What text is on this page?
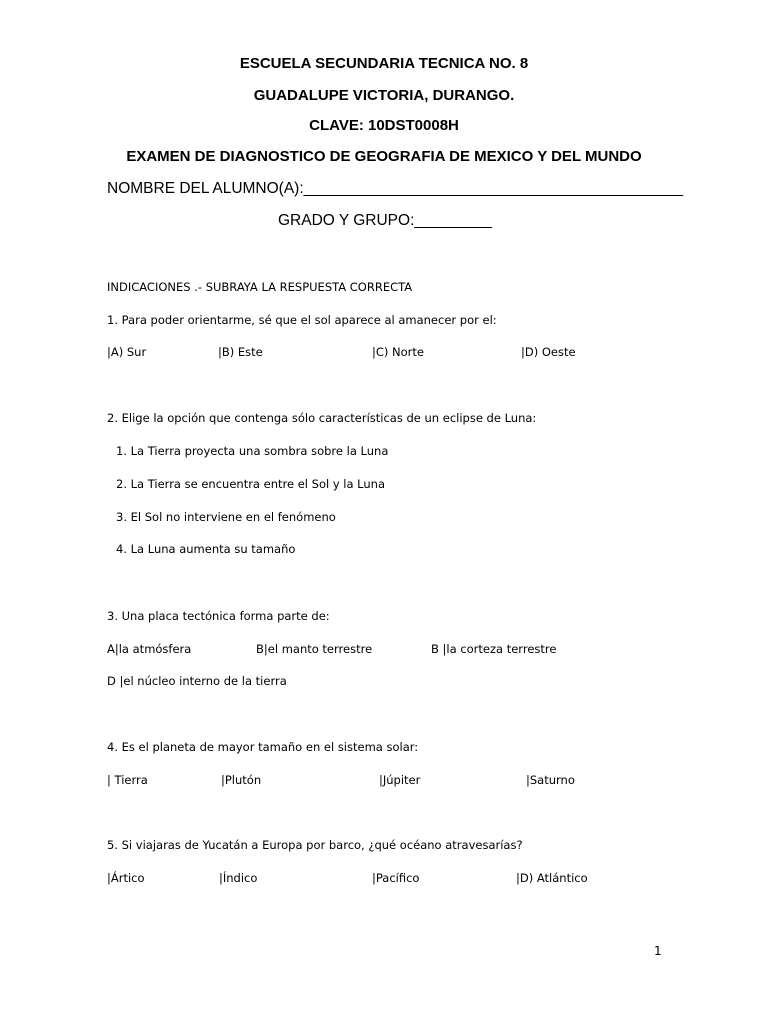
ESCUELA SECUNDARIA TECNICA NO. 8
GUADALUPE VICTORIA, DURANGO.
CLAVE: 10DST0008H
EXAMEN DE DIAGNOSTICO DE GEOGRAFIA DE MEXICO Y DEL MUNDO
NOMBRE DEL ALUMNO(A):____________________________________________
GRADO Y GRUPO:_________
INDICACIONES .- SUBRAYA LA RESPUESTA CORRECTA
1. Para poder orientarme, sé que el sol aparece al amanecer por el:
|A) Sur	|B) Este	|C) Norte	|D) Oeste
2. Elige la opción que contenga sólo características de un eclipse de Luna:
1. La Tierra proyecta una sombra sobre la Luna
2. La Tierra se encuentra entre el Sol y la Luna
3. El Sol no interviene en el fenómeno
4. La Luna aumenta su tamaño
3. Una placa tectónica forma parte de:
A|la atmósfera	B|el manto terrestre	B |la corteza terrestre
D |el núcleo interno de la tierra
4. Es el planeta de mayor tamaño en el sistema solar:
| Tierra	|Plutón	|Júpiter	|Saturno
5. Si viajaras de Yucatán a Europa por barco, ¿qué océano atravesarías?
|Ártico	|Índico	|Pacífico	|D) Atlántico
1
